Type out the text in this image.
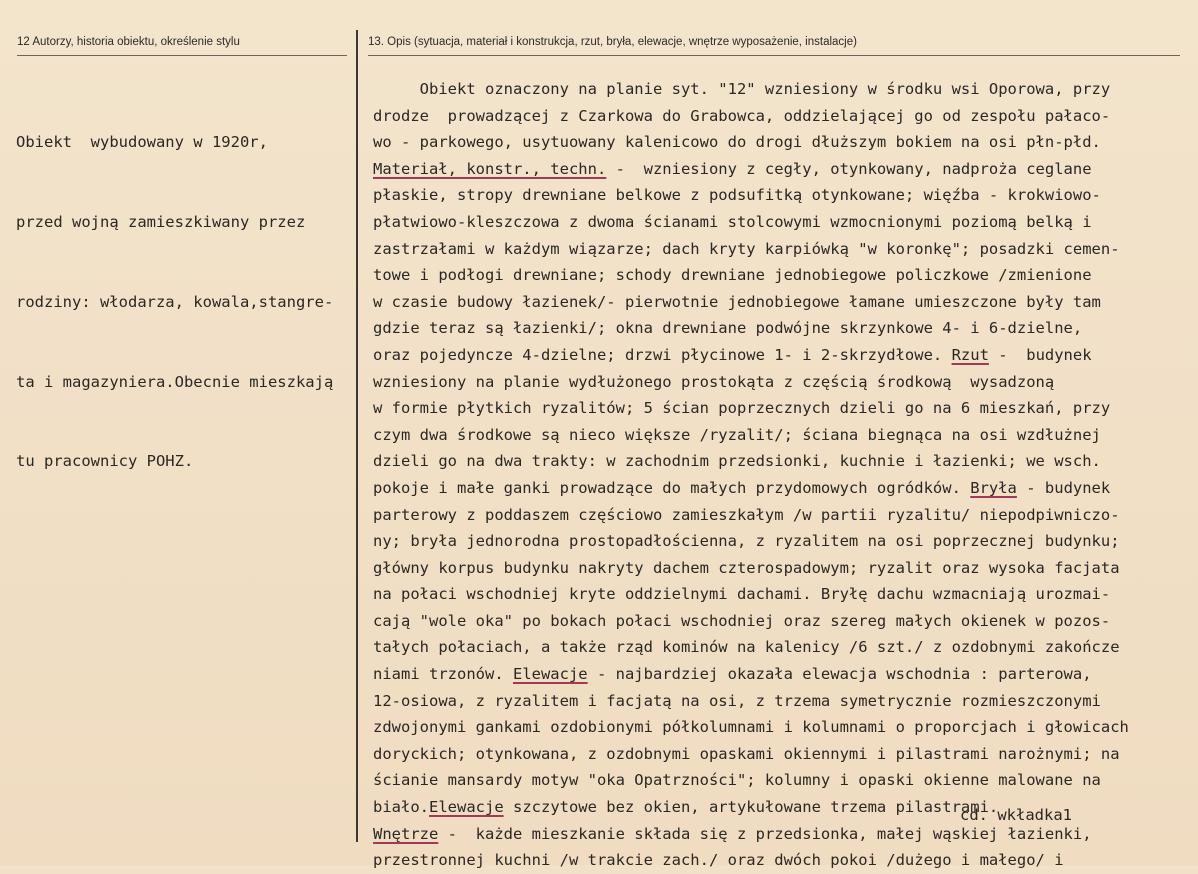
12 Autorzy, historia obiektu, określenie stylu	13. Opis (sytuacja, materiał i konstrukcja, rzut, bryła, elewacje, wnętrze wyposażenie, instalacje)

Obiekt  wybudowany w 1920r,

przed wojną zamieszkiwany przez

rodziny: włodarza, kowala,stangre-

ta i magazyniera.Obecnie mieszkają

tu pracownicy POHZ.

Obiekt oznaczony na planie syt. "12" wzniesiony w środku wsi Oporowa, przy
drodze  prowadzącej z Czarkowa do Grabowca, oddzielającej go od zespołu pałaco-
wo - parkowego, usytuowany kalenicowo do drogi dłuższym bokiem na osi płn-płd.
Materiał, konstr., techn. -  wzniesiony z cegły, otynkowany, nadproża ceglane
płaskie, stropy drewniane belkowe z podsufitką otynkowane; więźba - krokwiowo-
płatwiowo-kleszczowa z dwoma ścianami stolcowymi wzmocnionymi poziomą belką i
zastrzałami w każdym wiązarze; dach kryty karpiówką "w koronkę"; posadzki cemen-
towe i podłogi drewniane; schody drewniane jednobiegowe policzkowe /zmienione
w czasie budowy łazienek/- pierwotnie jednobiegowe łamane umieszczone były tam
gdzie teraz są łazienki/; okna drewniane podwójne skrzynkowe 4- i 6-dzielne,
oraz pojedyncze 4-dzielne; drzwi płycinowe 1- i 2-skrzydłowe. Rzut -  budynek
wzniesiony na planie wydłużonego prostokąta z częścią środkową  wysadzoną
w formie płytkich ryzalitów; 5 ścian poprzecznych dzieli go na 6 mieszkań, przy
czym dwa środkowe są nieco większe /ryzalit/; ściana biegnąca na osi wzdłużnej
dzieli go na dwa trakty: w zachodnim przedsionki, kuchnie i łazienki; we wsch.
pokoje i małe ganki prowadzące do małych przydomowych ogródków. Bryła - budynek
parterowy z poddaszem częściowo zamieszkałym /w partii ryzalitu/ niepodpiwniczo-
ny; bryła jednorodna prostopadłościenna, z ryzalitem na osi poprzecznej budynku;
główny korpus budynku nakryty dachem czterospadowym; ryzalit oraz wysoka facjata
na połaci wschodniej kryte oddzielnymi dachami. Bryłę dachu wzmacniają urozmai-
cają "wole oka" po bokach połaci wschodniej oraz szereg małych okienek w pozos-
tałych połaciach, a także rząd kominów na kalenicy /6 szt./ z ozdobnymi zakończe
niami trzonów. Elewacje - najbardziej okazała elewacja wschodnia : parterowa,
12-osiowa, z ryzalitem i facjatą na osi, z trzema symetrycznie rozmieszczonymi
zdwojonymi gankami ozdobionymi półkolumnami i kolumnami o proporcjach i głowicach
doryckich; otynkowana, z ozdobnymi opaskami okiennymi i pilastrami narożnymi; na
ścianie mansardy motyw "oka Opatrzności"; kolumny i opaski okienne malowane na
biało.Elewacje szczytowe bez okien, artykułowane trzema pilastrami.
Wnętrze -  każde mieszkanie składa się z przedsionka, małej wąskiej łazienki,
przestronnej kuchni /w trakcie zach./ oraz dwóch pokoi /dużego i małego/ i
cd. wkładka1
